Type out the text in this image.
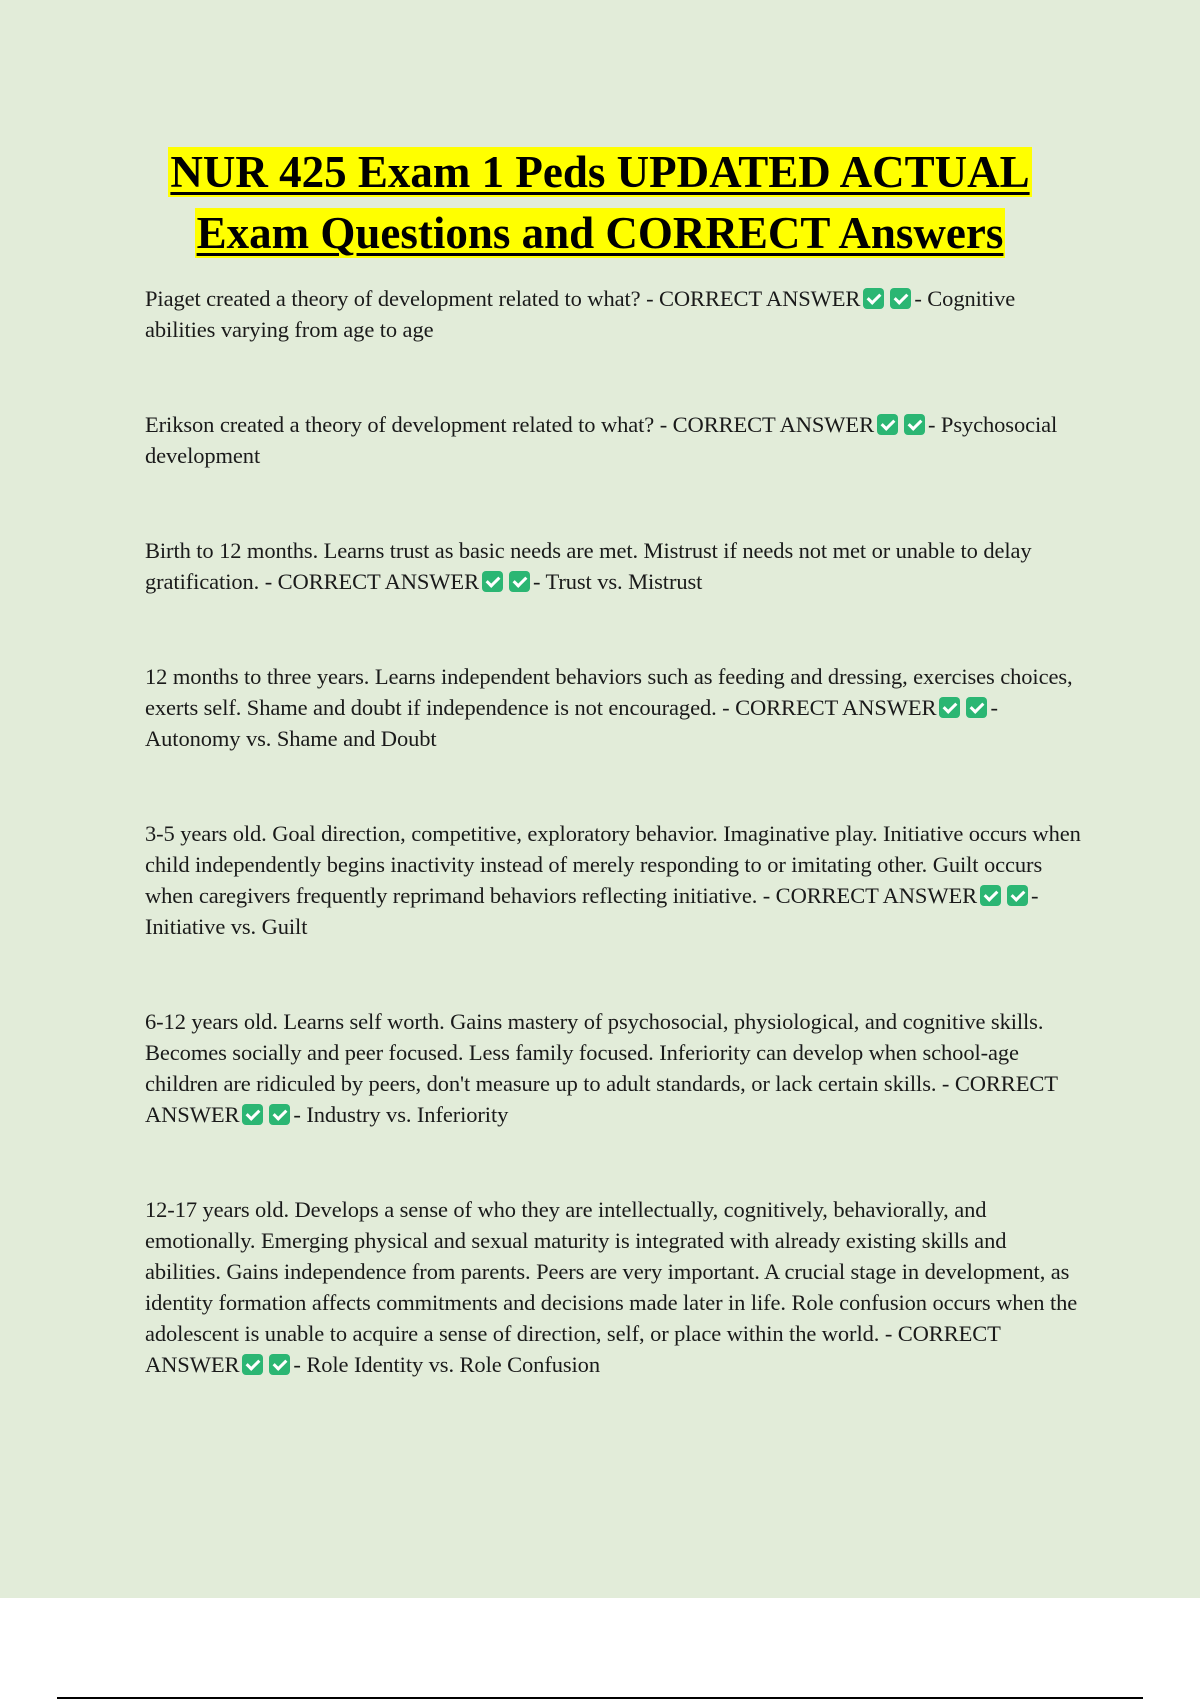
NUR 425 Exam 1 Peds UPDATED ACTUAL
Exam Questions and CORRECT Answers

Piaget created a theory of development related to what? - CORRECT ANSWER - Cognitive abilities varying from age to age

Erikson created a theory of development related to what? - CORRECT ANSWER - Psychosocial development

Birth to 12 months. Learns trust as basic needs are met. Mistrust if needs not met or unable to delay gratification. - CORRECT ANSWER - Trust vs. Mistrust

12 months to three years. Learns independent behaviors such as feeding and dressing, exercises choices, exerts self. Shame and doubt if independence is not encouraged. - CORRECT ANSWER - Autonomy vs. Shame and Doubt

3-5 years old. Goal direction, competitive, exploratory behavior. Imaginative play. Initiative occurs when child independently begins inactivity instead of merely responding to or imitating other. Guilt occurs when caregivers frequently reprimand behaviors reflecting initiative. - CORRECT ANSWER - Initiative vs. Guilt

6-12 years old. Learns self worth. Gains mastery of psychosocial, physiological, and cognitive skills. Becomes socially and peer focused. Less family focused. Inferiority can develop when school-age children are ridiculed by peers, don't measure up to adult standards, or lack certain skills. - CORRECT ANSWER - Industry vs. Inferiority

12-17 years old. Develops a sense of who they are intellectually, cognitively, behaviorally, and emotionally. Emerging physical and sexual maturity is integrated with already existing skills and abilities. Gains independence from parents. Peers are very important. A crucial stage in development, as identity formation affects commitments and decisions made later in life. Role confusion occurs when the adolescent is unable to acquire a sense of direction, self, or place within the world. - CORRECT ANSWER - Role Identity vs. Role Confusion
